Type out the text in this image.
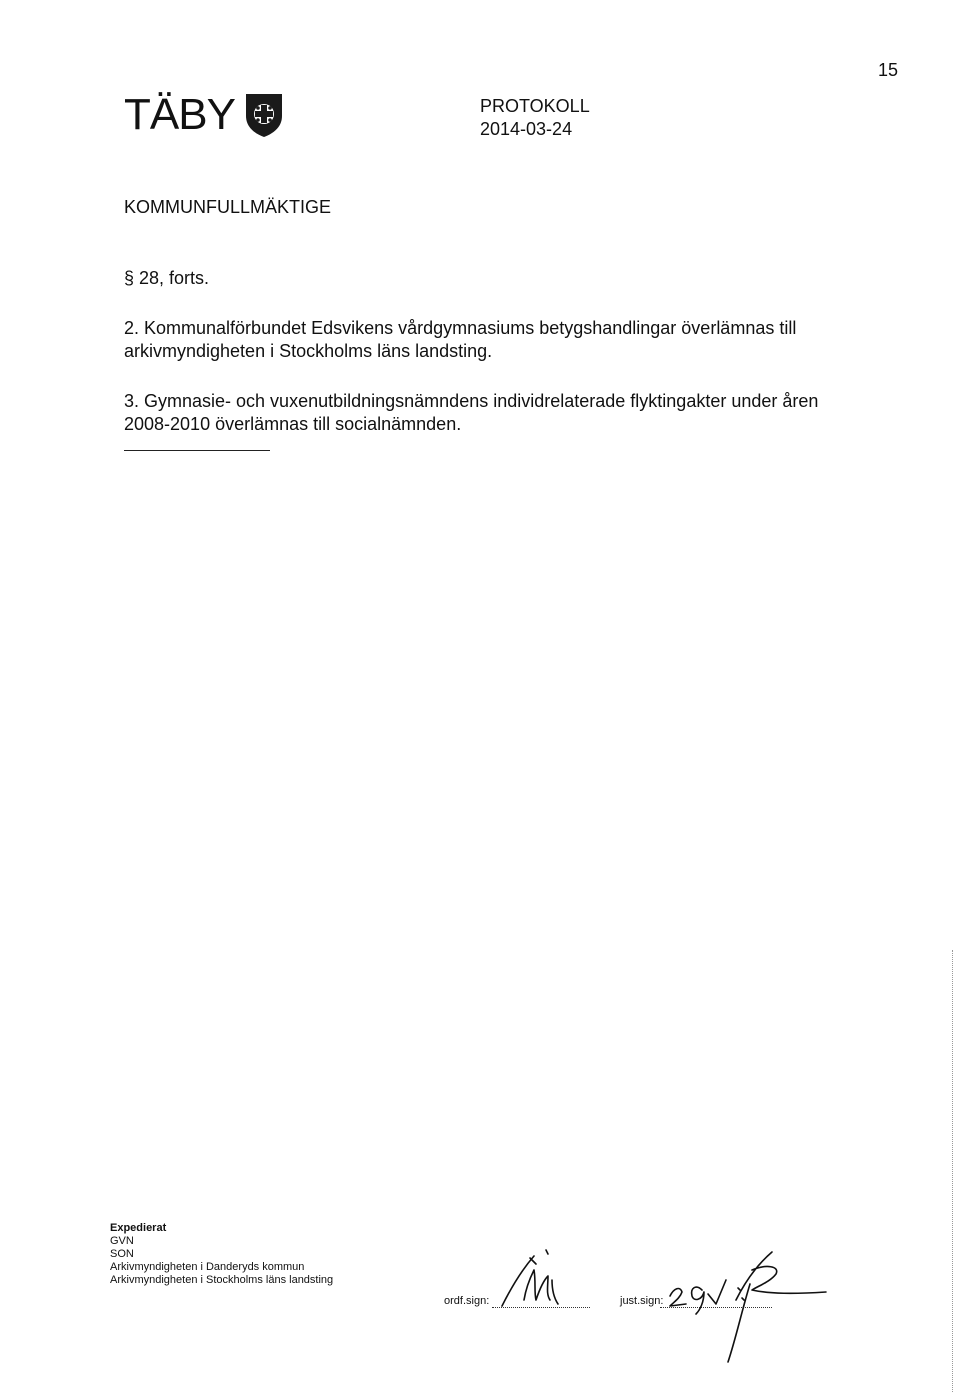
15
TÄBY	PROTOKOLL
2014-03-24
KOMMUNFULLMÄKTIGE
§ 28, forts.
2. Kommunalförbundet Edsvikens vårdgymnasiums betygshandlingar överlämnas till arkivmyndigheten i Stockholms läns landsting.
3. Gymnasie- och vuxenutbildningsnämndens individrelaterade flyktingakter under åren 2008-2010 överlämnas till socialnämnden.
Expedierat
GVN
SON
Arkivmyndigheten i Danderyds kommun
Arkivmyndigheten i Stockholms läns landsting
ordf.sign:	just.sign:
